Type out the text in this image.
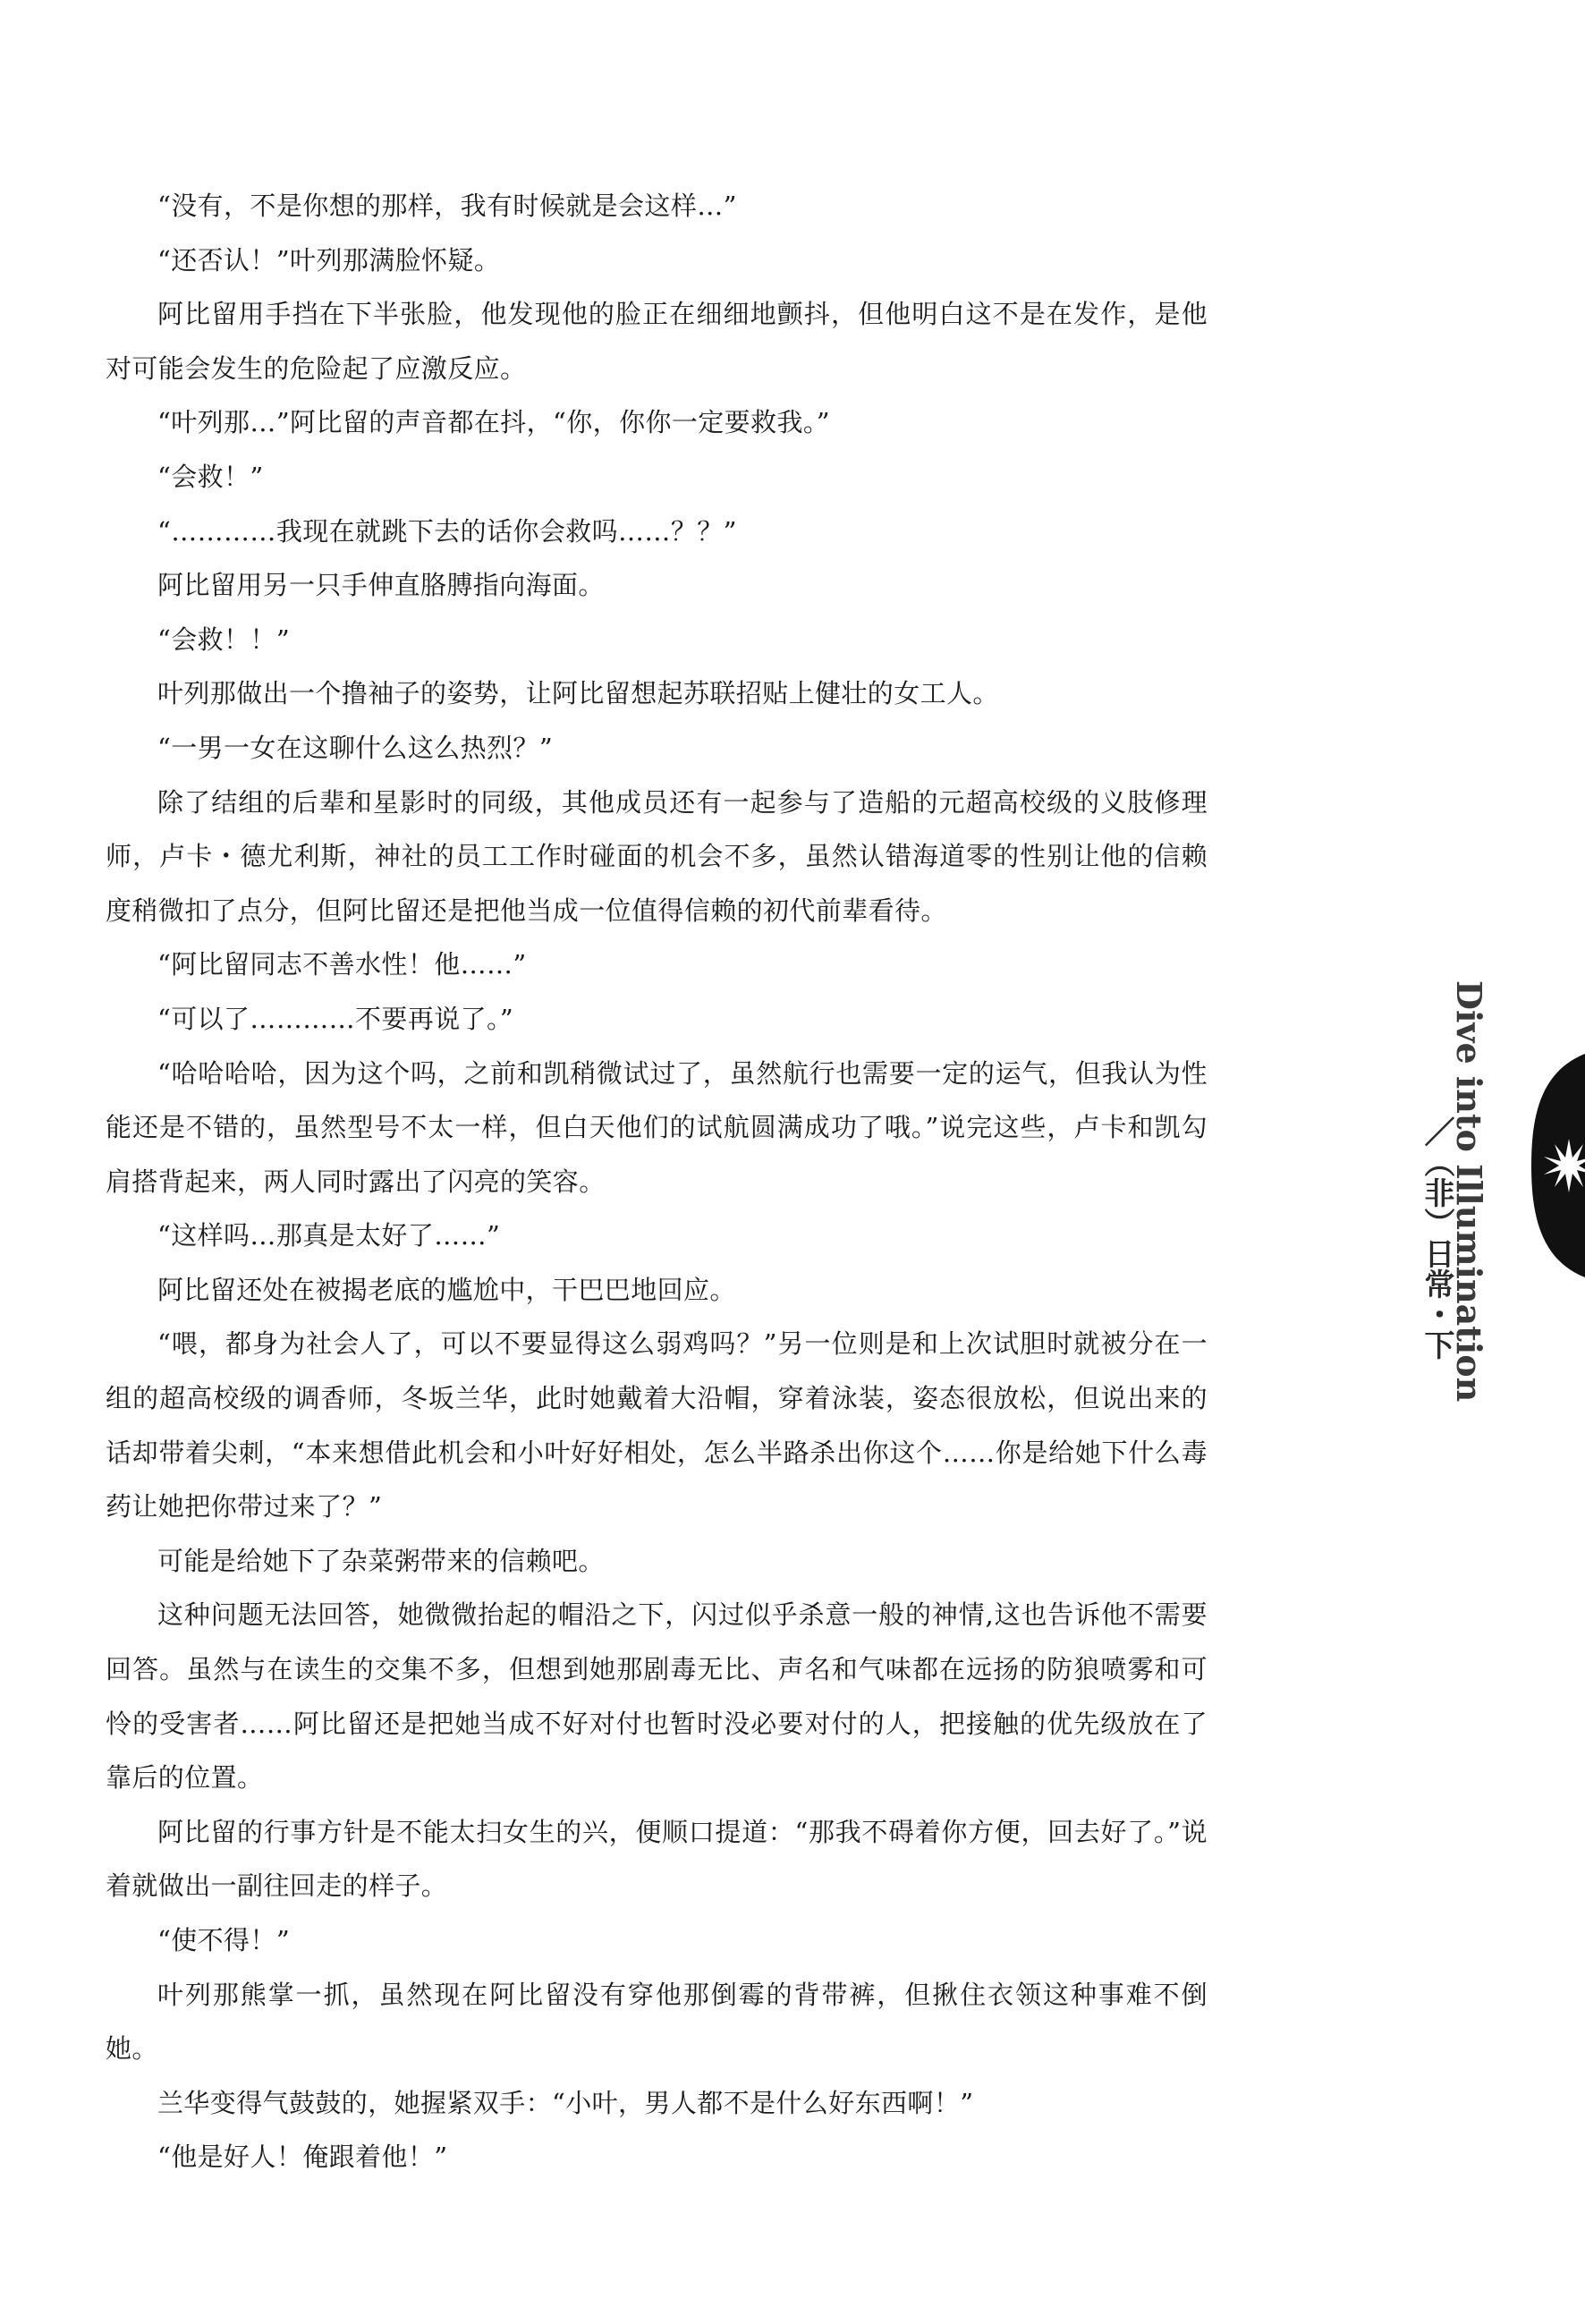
“没有，不是你想的那样，我有时候就是会这样…”

“还否认！”叶列那满脸怀疑。

阿比留用手挡在下半张脸，他发现他的脸正在细细地颤抖，但他明白这不是在发作，是他对可能会发生的危险起了应激反应。

“叶列那…”阿比留的声音都在抖，“你，你你一定要救我。”

“会救！”

“…………我现在就跳下去的话你会救吗……？？”

阿比留用另一只手伸直胳膊指向海面。

“会救！！”

叶列那做出一个撸袖子的姿势，让阿比留想起苏联招贴上健壮的女工人。

“一男一女在这聊什么这么热烈？”

除了结组的后辈和星影时的同级，其他成员还有一起参与了造船的元超高校级的义肢修理师，卢卡・德尤利斯，神社的员工工作时碰面的机会不多，虽然认错海道零的性别让他的信赖度稍微扣了点分，但阿比留还是把他当成一位值得信赖的初代前辈看待。

“阿比留同志不善水性！他……”

“可以了…………不要再说了。”

“哈哈哈哈，因为这个吗，之前和凯稍微试过了，虽然航行也需要一定的运气，但我认为性能还是不错的，虽然型号不太一样，但白天他们的试航圆满成功了哦。”说完这些，卢卡和凯勾肩搭背起来，两人同时露出了闪亮的笑容。

“这样吗…那真是太好了……”

阿比留还处在被揭老底的尴尬中，干巴巴地回应。

“喂，都身为社会人了，可以不要显得这么弱鸡吗？”另一位则是和上次试胆时就被分在一组的超高校级的调香师，冬坂兰华，此时她戴着大沿帽，穿着泳装，姿态很放松，但说出来的话却带着尖刺，“本来想借此机会和小叶好好相处，怎么半路杀出你这个……你是给她下什么毒药让她把你带过来了？”

可能是给她下了杂菜粥带来的信赖吧。

这种问题无法回答，她微微抬起的帽沿之下，闪过似乎杀意一般的神情,这也告诉他不需要回答。虽然与在读生的交集不多，但想到她那剧毒无比、声名和气味都在远扬的防狼喷雾和可怜的受害者……阿比留还是把她当成不好对付也暂时没必要对付的人，把接触的优先级放在了靠后的位置。

阿比留的行事方针是不能太扫女生的兴，便顺口提道：“那我不碍着你方便，回去好了。”说着就做出一副往回走的样子。

“使不得！”

叶列那熊掌一抓，虽然现在阿比留没有穿他那倒霉的背带裤，但揪住衣领这种事难不倒她。

兰华变得气鼓鼓的，她握紧双手：“小叶，男人都不是什么好东西啊！”

“他是好人！俺跟着他！”

Dive into Illumination
／（非）日常・下
